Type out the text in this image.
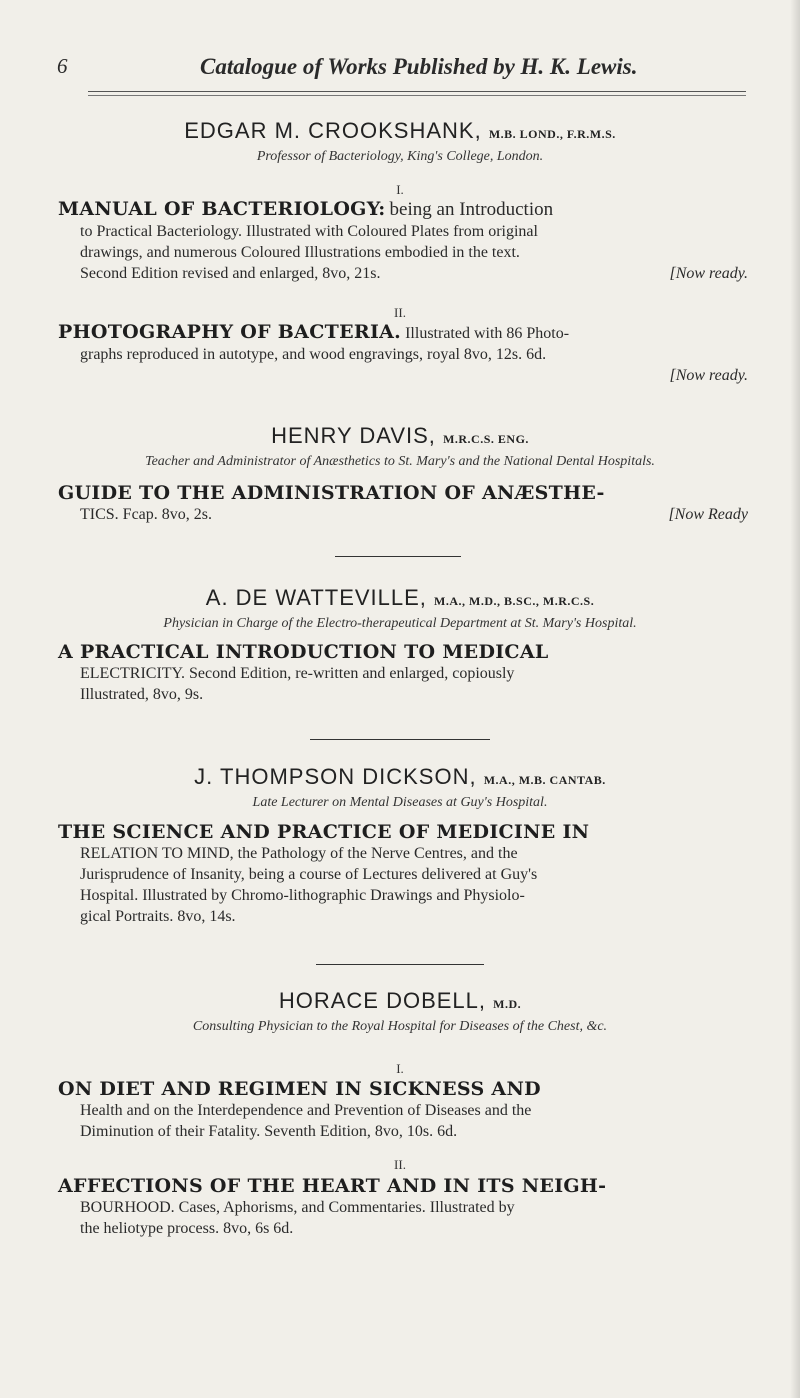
6	Catalogue of Works Published by H. K. Lewis.
EDGAR M. CROOKSHANK, M.B. LOND., F.R.M.S.
Professor of Bacteriology, King's College, London.
I.
MANUAL OF BACTERIOLOGY: being an Introduction
to Practical Bacteriology. Illustrated with Coloured Plates from original
drawings, and numerous Coloured Illustrations embodied in the text.
Second Edition revised and enlarged, 8vo, 21s.	[Now ready.
II.
PHOTOGRAPHY OF BACTERIA. Illustrated with 86 Photo-
graphs reproduced in autotype, and wood engravings, royal 8vo, 12s. 6d.
[Now ready.

HENRY DAVIS, M.R.C.S. ENG.
Teacher and Administrator of Anæsthetics to St. Mary's and the National Dental Hospitals.
GUIDE TO THE ADMINISTRATION OF ANÆSTHE-
TICS. Fcap. 8vo, 2s.	[Now Ready
A. DE WATTEVILLE, M.A., M.D., B.SC., M.R.C.S.
Physician in Charge of the Electro-therapeutical Department at St. Mary's Hospital.
A PRACTICAL INTRODUCTION TO MEDICAL
ELECTRICITY. Second Edition, re-written and enlarged, copiously
Illustrated, 8vo, 9s.
J. THOMPSON DICKSON, M.A., M.B. CANTAB.
Late Lecturer on Mental Diseases at Guy's Hospital.
THE SCIENCE AND PRACTICE OF MEDICINE IN
RELATION TO MIND, the Pathology of the Nerve Centres, and the
Jurisprudence of Insanity, being a course of Lectures delivered at Guy's
Hospital. Illustrated by Chromo-lithographic Drawings and Physiolo-
gical Portraits. 8vo, 14s.
HORACE DOBELL, M.D.
Consulting Physician to the Royal Hospital for Diseases of the Chest, &c.
I.
ON DIET AND REGIMEN IN SICKNESS AND
Health and on the Interdependence and Prevention of Diseases and the
Diminution of their Fatality. Seventh Edition, 8vo, 10s. 6d.
II.
AFFECTIONS OF THE HEART AND IN ITS NEIGH-
BOURHOOD. Cases, Aphorisms, and Commentaries. Illustrated by
the heliotype process. 8vo, 6s 6d.
